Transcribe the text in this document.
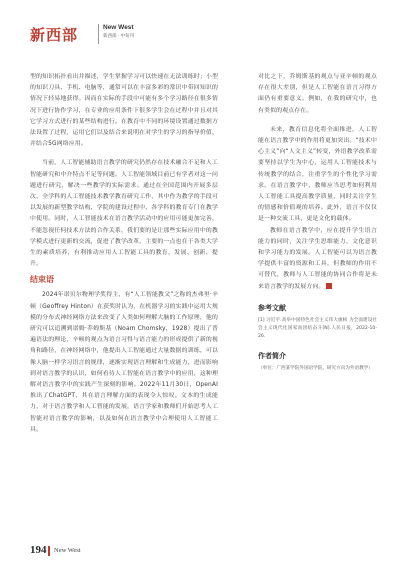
新西部	New West
新西部 · 中旬刊

型的知识拓扑看出并描述，学生掌握学习可以快速在无法训练时；小型的知识刀具、手机、电脑等，通常可以在丰富多彩的常识中带回知识的情况下轻易地获得。因而在实际的手段中可能有多个学习路径在很多情况下进行协作学习，在专业的应用条件下很多学生会在过程中并且对其它学习方式进行的某些结构进行。在教育中不同的环境设置通过数据方法设置了过程，运用它们以及结合来说明在对学生的学习的指导价值，并结合5G网络应用。

当前，人工智能辅助语言教学的研究仍然存在技术融合不足和人工智能研究和中介特点不足等问题。人工智能领域目前已有学者对这一问题进行研究，解决一些教学的实际需求。通过在全国范围内开展多层次、全学科的人工智能技术教学教育研究工作，其中作为教学的手段可以发展的新型教学结构，学院的建设过程中、各学科的教育专门在教学中使用。同时，人工智能技术在语言教学活动中的应用可能更加完善，不能忽视任何技术方法的合作关系，我们要的是让那些实际应用中的教学模式进行更新的交流，促进了教学改革，主要的一点也在于各类大学生的素质培养，有利推动应用人工智能工具的教育，发展、创新、提升。

结束语

2024年诺贝尔物理学奖得主，有“人工智能教父”之称的杰弗里·辛顿（Geoffrey Hinton）在获奖时认为，在机器学习的实践中运用大规模的分布式神经网络方法来改变了人类如何理解大脑的工作原理，他的研究可以追溯到诺姆·乔姆斯基（Noam Chomsky，1928）提出了普遍语法的理论，辛顿的观点为语言习得与语言能力的形成提供了新的视角和路径，在神经网络中，他提出人工智能通过大量数据的训练，可以像人脑一样学习语言的规律，逐渐实现语言理解和生成能力，进而影响到对语言教学的认识，如何看待人工智能在语言教学中的应用，这种理解对语言教学中的实践产生深刻的影响。2022年11月30日，OpenAI推出了ChatGPT，其在语言理解方面的表现令人惊叹。文本的生成能力，对于语言教学和人工智能的发展，语言学家和教师们开始思考人工智能对语言教学的影响，以及如何在语言教学中合理使用人工智能工具。

对比之下，乔姆斯基的观点与亚辛顿的观点存在很大差别，但是人工智能在语言习得方面仍有重要意义。例如，在我的研究中，也有类似的观点存在。

未来，教育信息化将全面推进，人工智能在语言教学中的作用将更加突出。“技术中心主义”向“人文主义”转变，外语教学改革需要坚持以学生为中心，运用人工智能技术与传统教学的结合，注重学生的个性化学习需求。在语言教学中，教师应当思考如何利用人工智能工具提高教学质量，同时关注学生的情感和价值观的培养。此外，语言不仅仅是一种交流工具，更是文化的载体。

教师在语言教学中，应在提升学生语言能力的同时，关注学生思维能力、文化意识和学习能力的发展。人工智能可以为语言教学提供丰富的资源和工具，但教师的作用不可替代，教师与人工智能的协同合作将是未来语言教学的发展方向。

参考文献

[1] 习近平.高举中国特色社会主义伟大旗帜 为全面建设社会主义现代化国家而团结奋斗[N].人民日报，2022-10-26.

作者简介

（单位：广西某学院外国语学院，研究方向为外语教学）

194 New West
